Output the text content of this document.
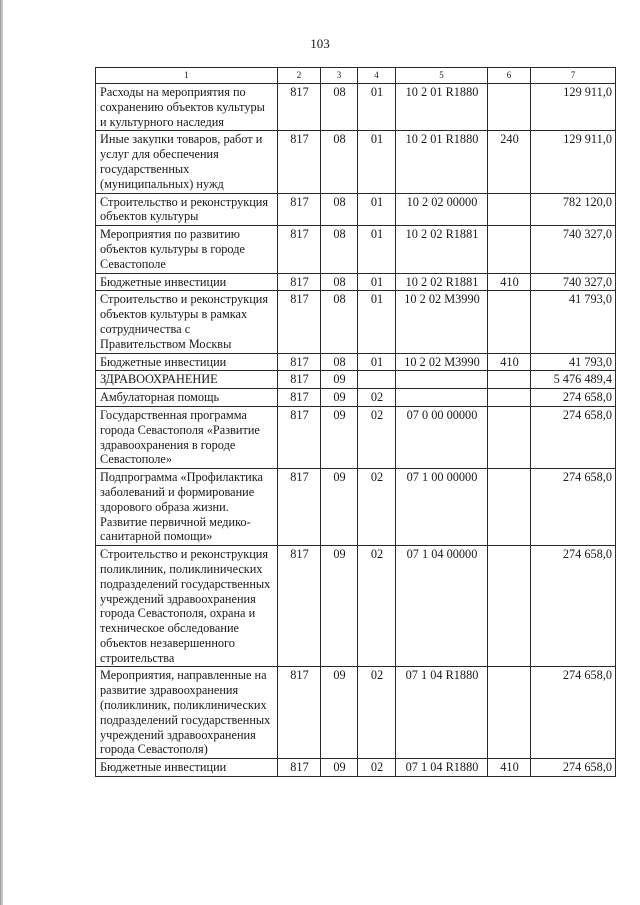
103
1	2	3	4	5	6	7
Расходы на мероприятия по сохранению объектов культуры и культурного наследия	817	08	01	10 2 01 R1880		129 911,0
Иные закупки товаров, работ и услуг для обеспечения государственных (муниципальных) нужд	817	08	01	10 2 01 R1880	240	129 911,0
Строительство и реконструкция объектов культуры	817	08	01	10 2 02 00000		782 120,0
Мероприятия по развитию объектов культуры в городе Севастополе	817	08	01	10 2 02 R1881		740 327,0
Бюджетные инвестиции	817	08	01	10 2 02 R1881	410	740 327,0
Строительство и реконструкция объектов культуры в рамках сотрудничества с Правительством Москвы	817	08	01	10 2 02 М3990		41 793,0
Бюджетные инвестиции	817	08	01	10 2 02 М3990	410	41 793,0
ЗДРАВООХРАНЕНИЕ	817	09				5 476 489,4
Амбулаторная помощь	817	09	02			274 658,0
Государственная программа города Севастополя «Развитие здравоохранения в городе Севастополе»	817	09	02	07 0 00 00000		274 658,0
Подпрограмма «Профилактика заболеваний и формирование здорового образа жизни. Развитие первичной медико-санитарной помощи»	817	09	02	07 1 00 00000		274 658,0
Строительство и реконструкция поликлиник, поликлинических подразделений государственных учреждений здравоохранения города Севастополя, охрана и техническое обследование объектов незавершенного строительства	817	09	02	07 1 04 00000		274 658,0
Мероприятия, направленные на развитие здравоохранения (поликлиник, поликлинических подразделений государственных учреждений здравоохранения города Севастополя)	817	09	02	07 1 04 R1880		274 658,0
Бюджетные инвестиции	817	09	02	07 1 04 R1880	410	274 658,0
